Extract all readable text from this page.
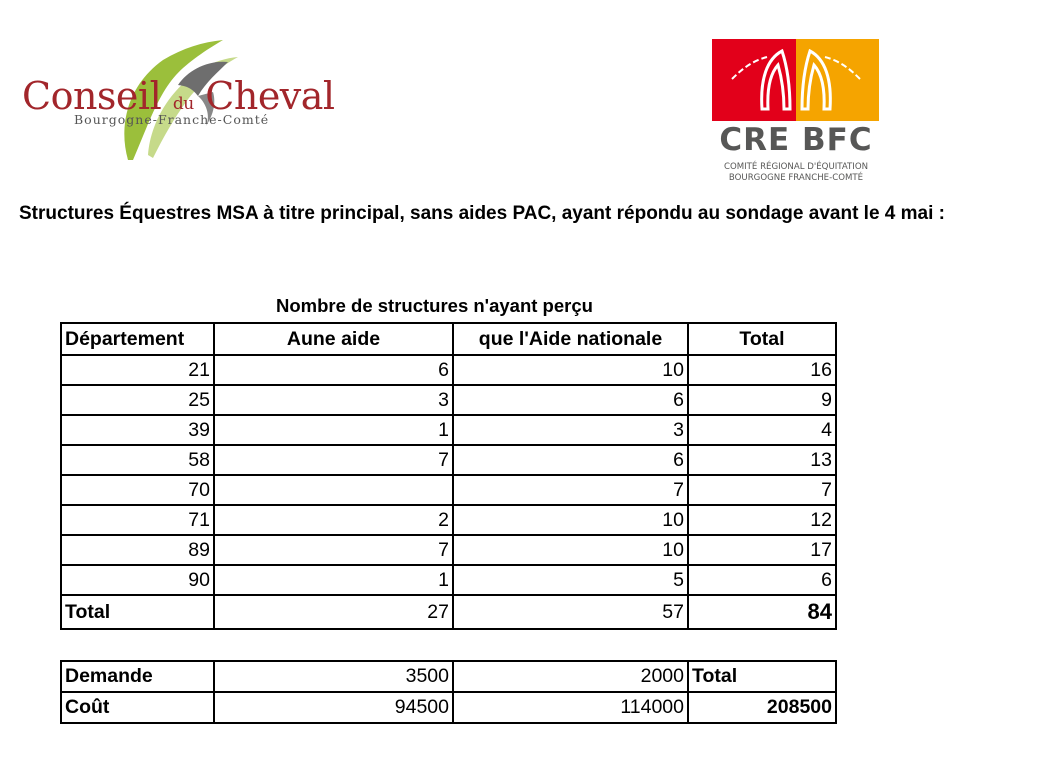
Conseil du Cheval
Bourgogne-Franche-Comté
CRE BFC
COMITÉ RÉGIONAL D'ÉQUITATION
BOURGOGNE FRANCHE-COMTÉ
Structures Équestres MSA à titre principal, sans aides PAC, ayant répondu au sondage avant le 4 mai :
Nombre de structures n'ayant perçu
Département	Aune aide	que l'Aide nationale	Total
21	6	10	16
25	3	6	9
39	1	3	4
58	7	6	13
70		7	7
71	2	10	12
89	7	10	17
90	1	5	6
Total	27	57	84
Demande	3500	2000	Total
Coût	94500	114000	208500
